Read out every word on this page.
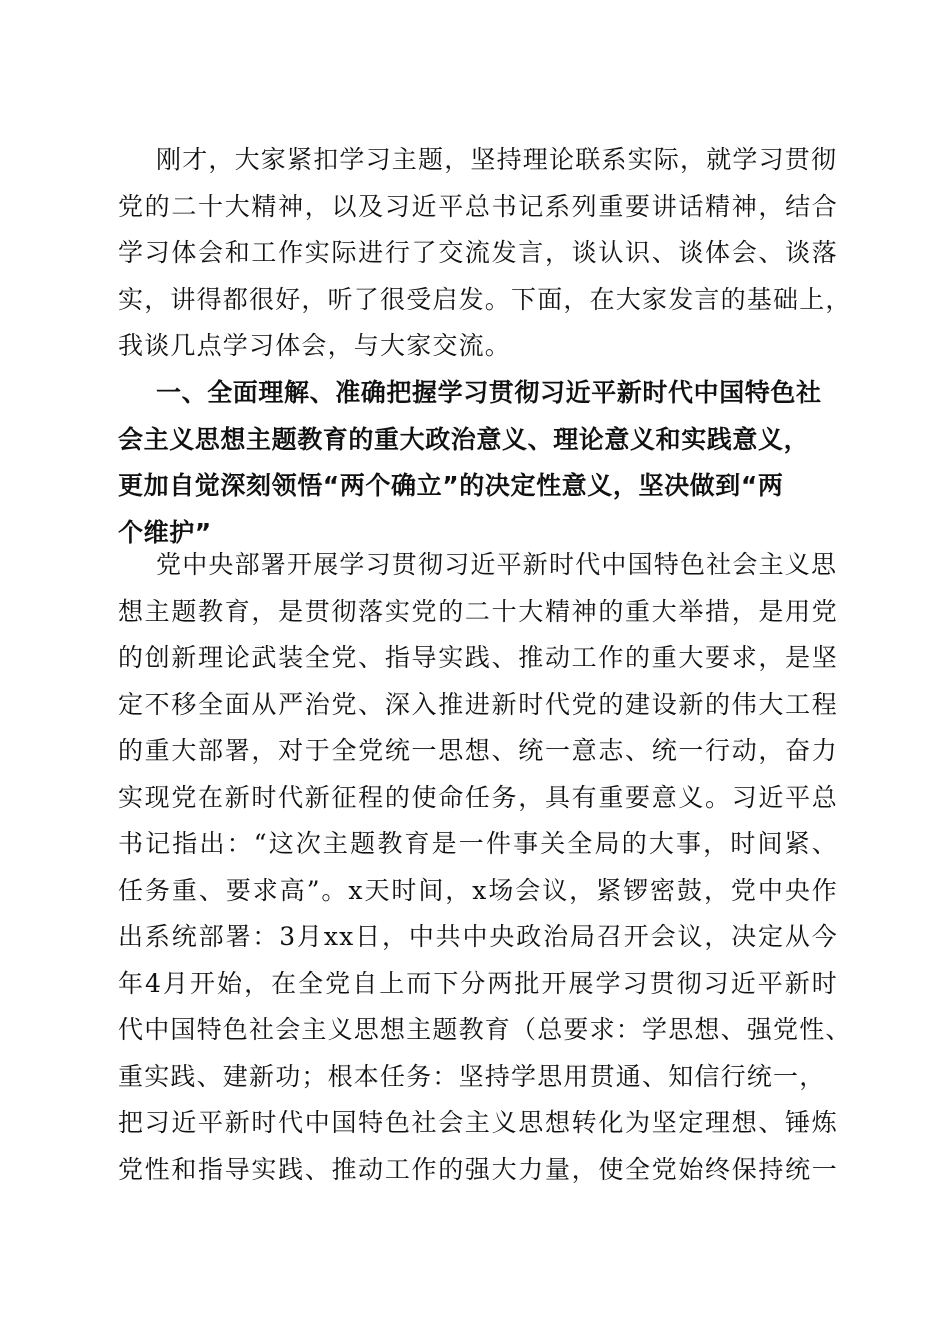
刚才，大家紧扣学习主题，坚持理论联系实际，就学习贯彻
党的二十大精神，以及习近平总书记系列重要讲话精神，结合
学习体会和工作实际进行了交流发言，谈认识、谈体会、谈落
实，讲得都很好，听了很受启发。下面，在大家发言的基础上，
我谈几点学习体会，与大家交流。
一、全面理解、准确把握学习贯彻习近平新时代中国特色社
会主义思想主题教育的重大政治意义、理论意义和实践意义，
更加自觉深刻领悟“两个确立”的决定性意义，坚决做到“两
个维护”
党中央部署开展学习贯彻习近平新时代中国特色社会主义思
想主题教育，是贯彻落实党的二十大精神的重大举措，是用党
的创新理论武装全党、指导实践、推动工作的重大要求，是坚
定不移全面从严治党、深入推进新时代党的建设新的伟大工程
的重大部署，对于全党统一思想、统一意志、统一行动，奋力
实现党在新时代新征程的使命任务，具有重要意义。习近平总
书记指出：“这次主题教育是一件事关全局的大事，时间紧、
任务重、要求高”。x天时间，x场会议，紧锣密鼓，党中央作
出系统部署：3月xx日，中共中央政治局召开会议，决定从今
年4月开始，在全党自上而下分两批开展学习贯彻习近平新时
代中国特色社会主义思想主题教育（总要求：学思想、强党性、
重实践、建新功；根本任务：坚持学思用贯通、知信行统一，
把习近平新时代中国特色社会主义思想转化为坚定理想、锤炼
党性和指导实践、推动工作的强大力量，使全党始终保持统一
